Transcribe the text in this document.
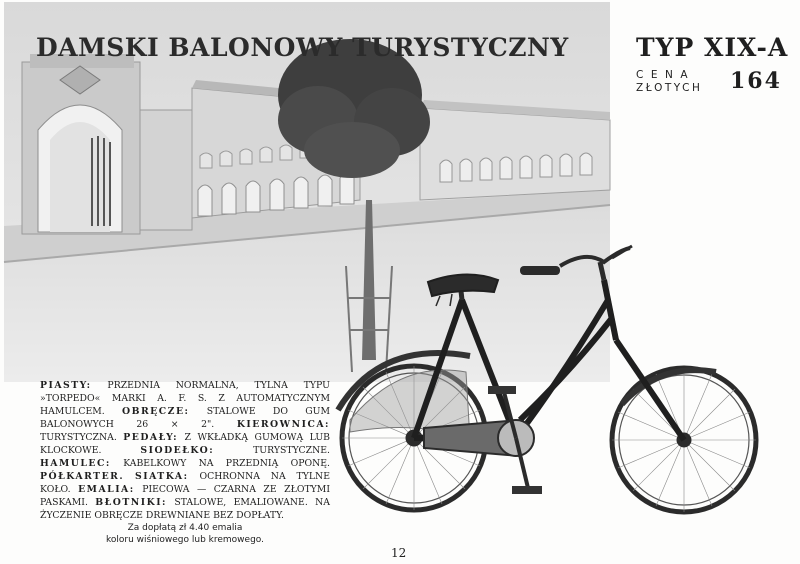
DAMSKI BALONOWY TURYSTYCZNY	TYP XIX-A
CENA
ZŁOTYCH 164
PIASTY: PRZEDNIA NORMALNA, TYLNA TYPU »TORPEDO« MARKI A. F. S. Z AUTOMATYCZNYM HAMULCEM. OBRĘCZE: STALOWE DO GUM BALONOWYCH 26 × 2". KIEROWNICA: TURYSTYCZNA. PEDAŁY: Z WKŁADKĄ GUMOWĄ LUB KLOCKOWE. SIODEŁKO: TURYSTYCZNE. HAMULEC: KABELKOWY NA PRZEDNIĄ OPONĘ. PÓŁKARTER. SIATKA: OCHRONNA NA TYLNE KOŁO. EMALIA: PIECOWA — CZARNA ZE ZŁOTYMI PASKAMI. BŁOTNIKI: STALOWE, EMALIOWANE. NA ŻYCZENIE OBRĘCZE DREWNIANE BEZ DOPŁATY.
Za dopłatą zł 4.40 emalia
koloru wiśniowego lub kremowego.
12
